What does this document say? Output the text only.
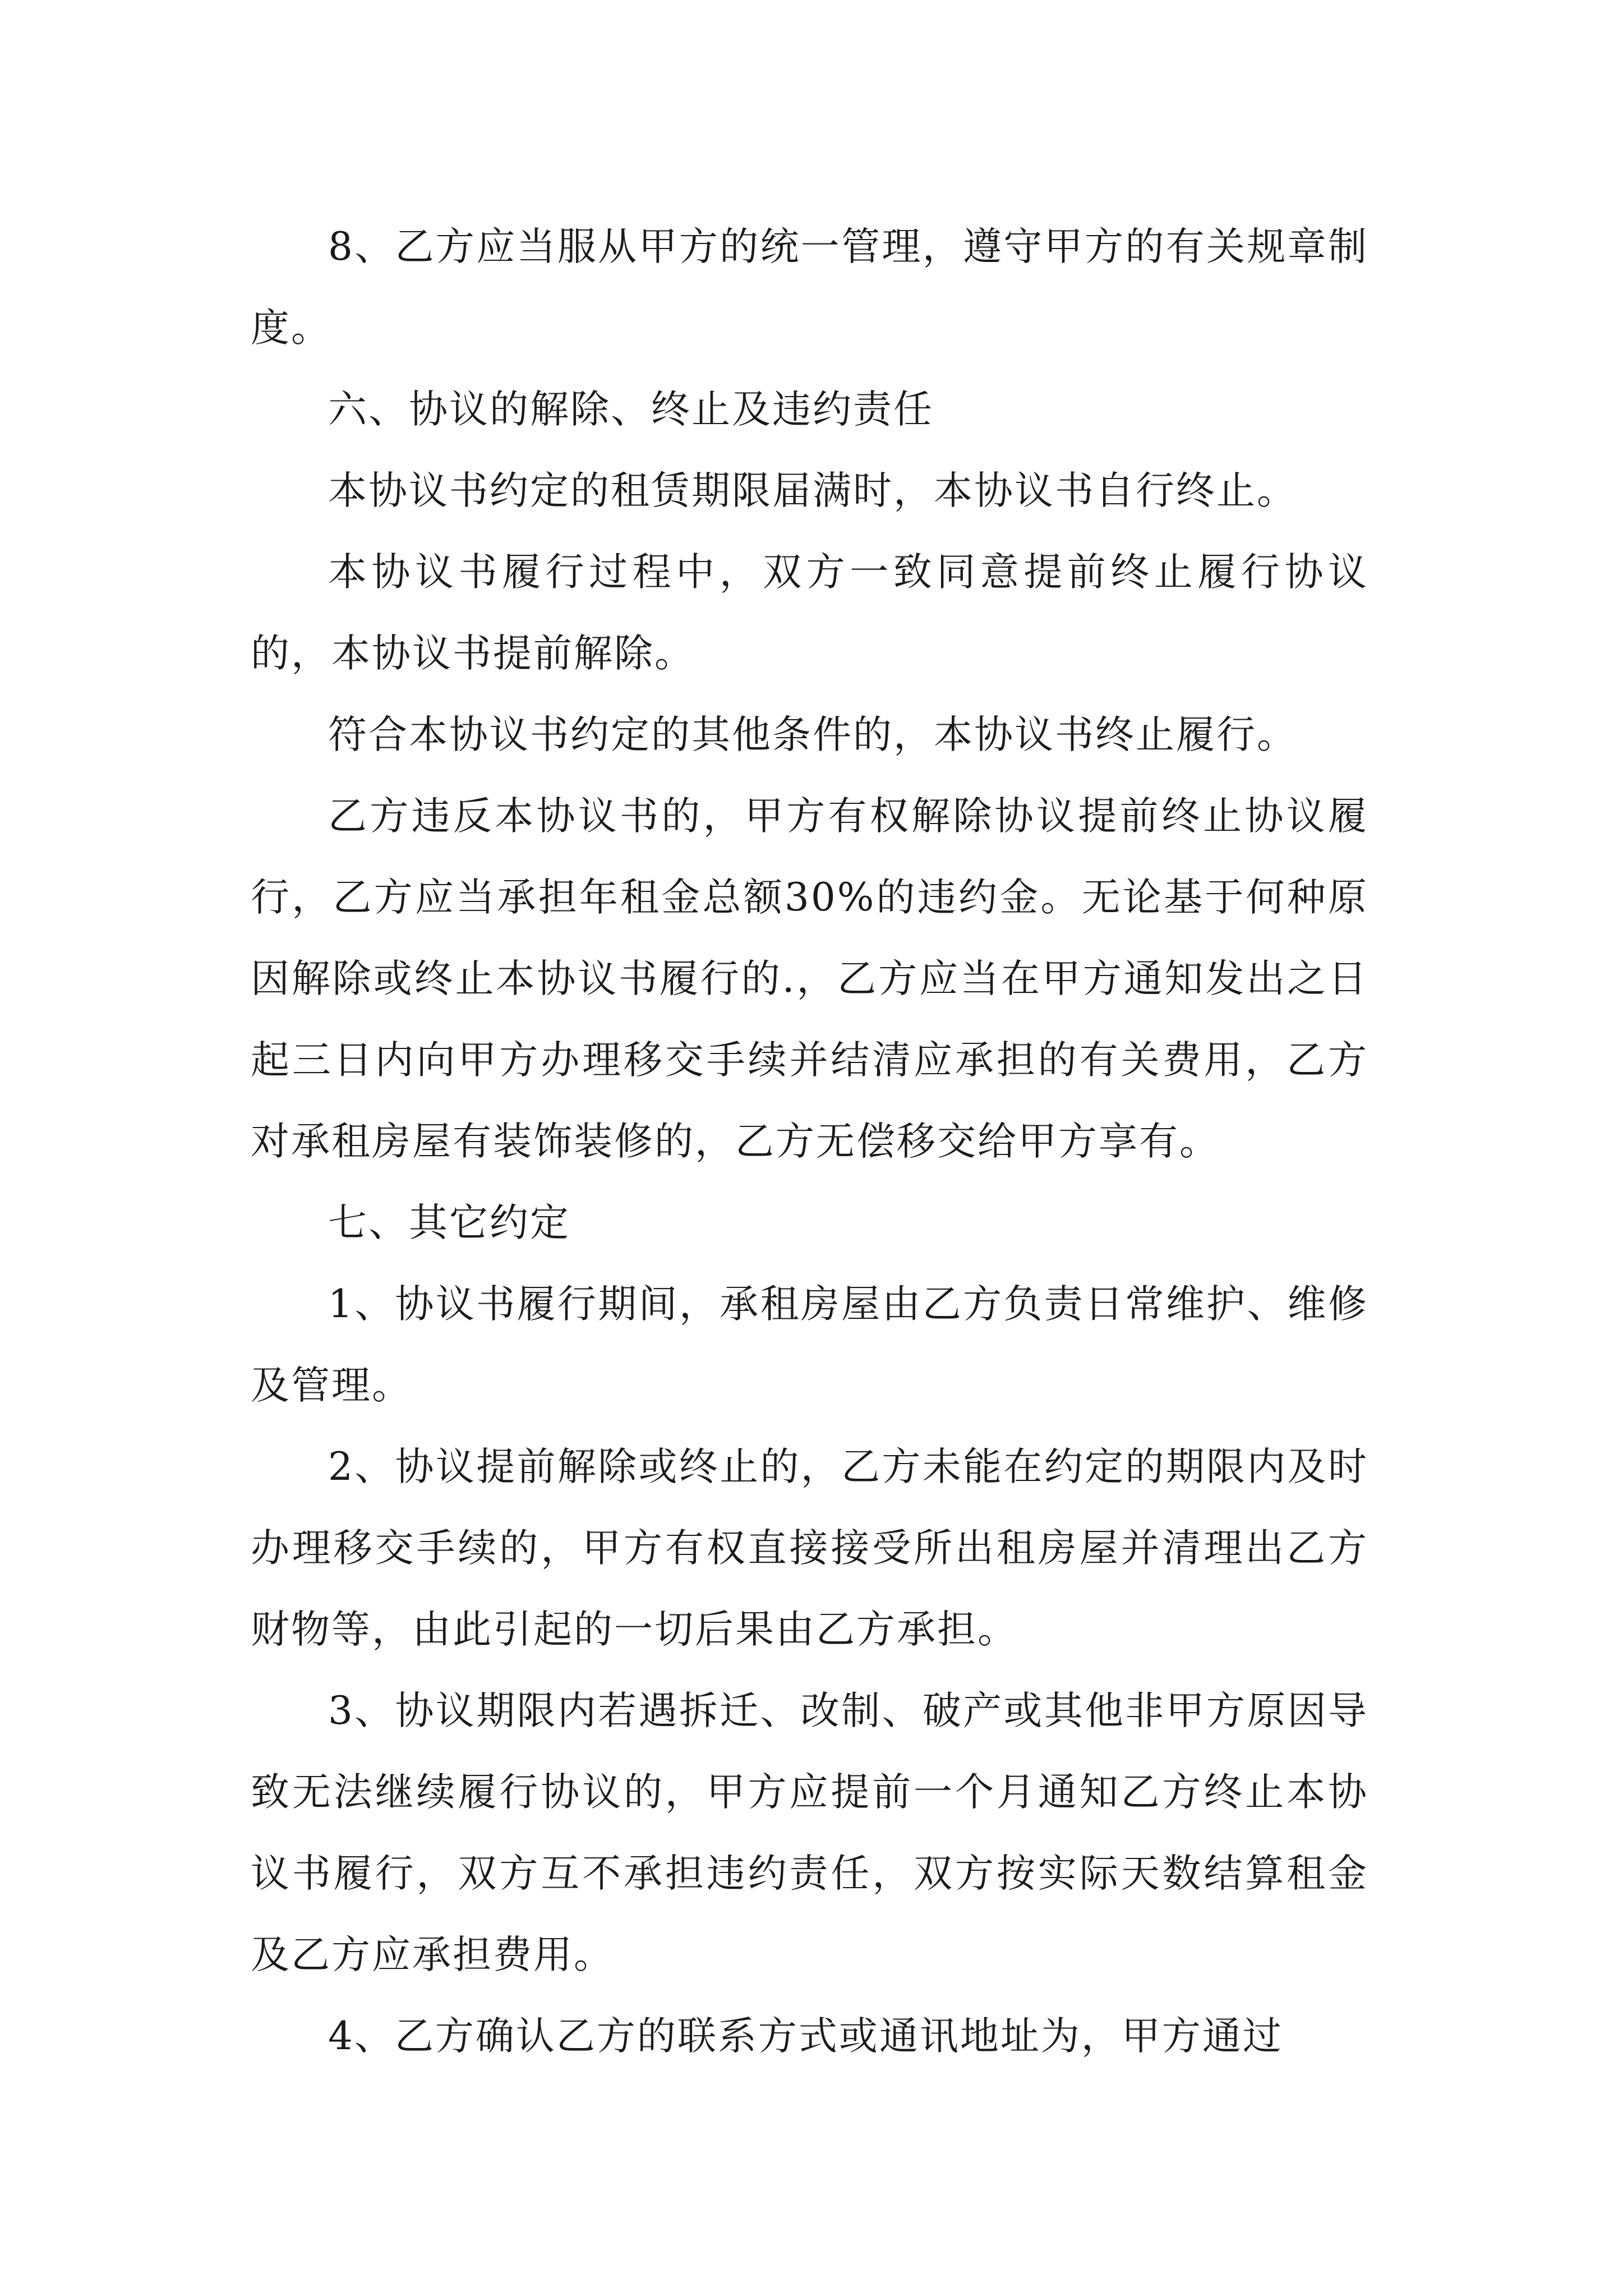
8、乙方应当服从甲方的统一管理，遵守甲方的有关规章制度。

六、协议的解除、终止及违约责任

本协议书约定的租赁期限届满时，本协议书自行终止。

本协议书履行过程中，双方一致同意提前终止履行协议的，本协议书提前解除。

符合本协议书约定的其他条件的，本协议书终止履行。

乙方违反本协议书的，甲方有权解除协议提前终止协议履行，乙方应当承担年租金总额30%的违约金。无论基于何种原因解除或终止本协议书履行的.，乙方应当在甲方通知发出之日起三日内向甲方办理移交手续并结清应承担的有关费用，乙方对承租房屋有装饰装修的，乙方无偿移交给甲方享有。

七、其它约定

1、协议书履行期间，承租房屋由乙方负责日常维护、维修及管理。

2、协议提前解除或终止的，乙方未能在约定的期限内及时办理移交手续的，甲方有权直接接受所出租房屋并清理出乙方财物等，由此引起的一切后果由乙方承担。

3、协议期限内若遇拆迁、改制、破产或其他非甲方原因导致无法继续履行协议的，甲方应提前一个月通知乙方终止本协议书履行，双方互不承担违约责任，双方按实际天数结算租金及乙方应承担费用。

4、乙方确认乙方的联系方式或通讯地址为，甲方通过
